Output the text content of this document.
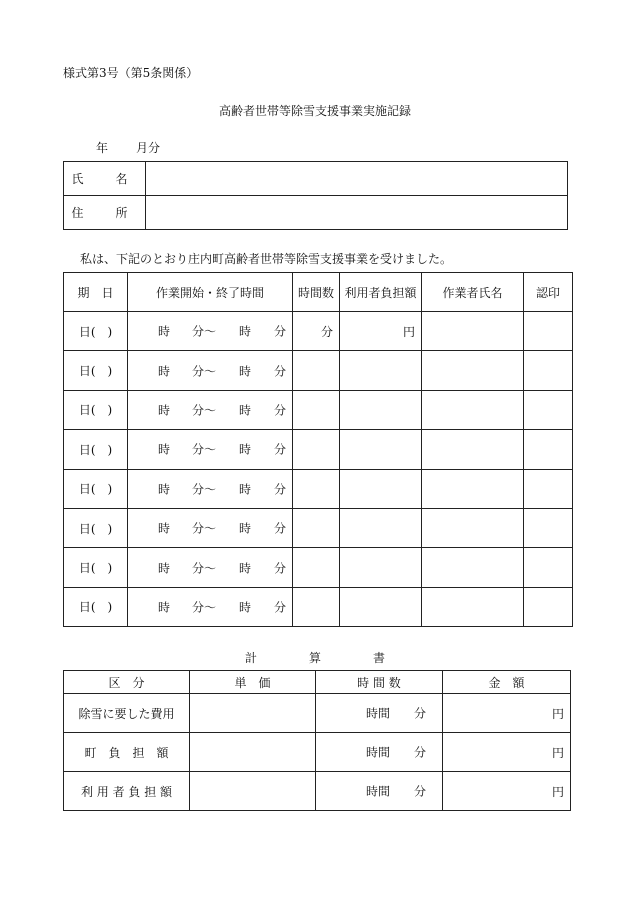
様式第3号（第5条関係）
高齢者世帯等除雪支援事業実施記録
年 月分
氏　名	
住　所	
私は、下記のとおり庄内町高齢者世帯等除雪支援事業を受けました。
期　日	作業開始・終了時間	時間数	利用者負担額	作業者氏名	認印
日(　)	時 分〜 時 分	分	円		
日(　)	時 分〜 時 分				

日(　)	時 分〜 時 分				

日(　)	時 分〜 時 分				

日(　)	時 分〜 時 分				

日(　)	時 分〜 時 分				

日(　)	時 分〜 時 分				

日(　)	時 分〜 時 分				

計	算	書
区　分	単　価	時 間 数	金　額
除雪に要した費用		時間 分	円
町　負　担　額		時間 分	円
利 用 者 負 担 額		時間 分	円
